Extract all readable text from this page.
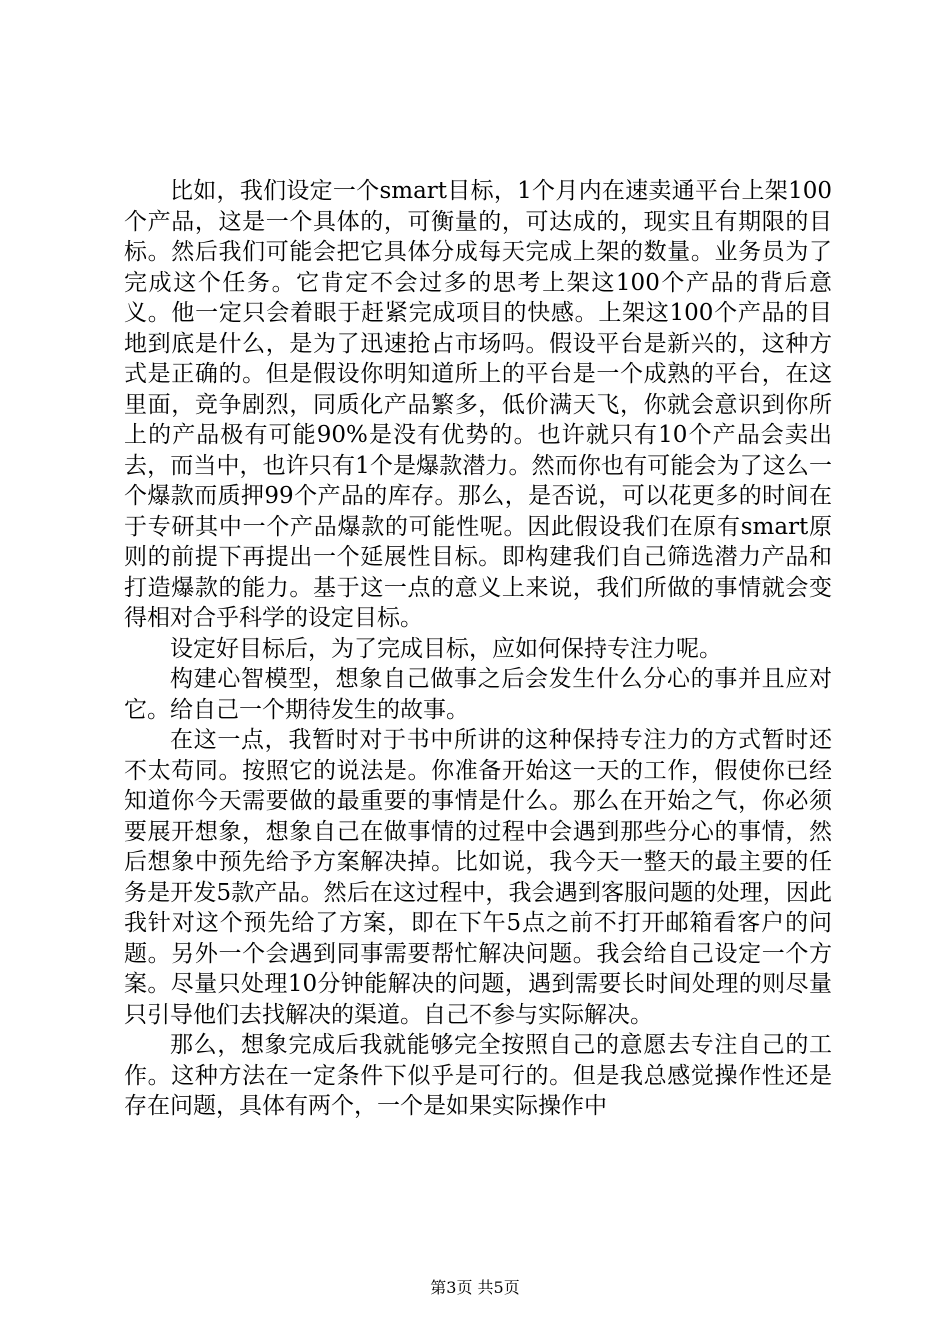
比如，我们设定一个smart目标，1个月内在速卖通平台上架100个产品，这是一个具体的，可衡量的，可达成的，现实且有期限的目标。然后我们可能会把它具体分成每天完成上架的数量。业务员为了完成这个任务。它肯定不会过多的思考上架这100个产品的背后意义。他一定只会着眼于赶紧完成项目的快感。上架这100个产品的目地到底是什么，是为了迅速抢占市场吗。假设平台是新兴的，这种方式是正确的。但是假设你明知道所上的平台是一个成熟的平台，在这里面，竞争剧烈，同质化产品繁多，低价满天飞，你就会意识到你所上的产品极有可能90%是没有优势的。也许就只有10个产品会卖出去，而当中，也许只有1个是爆款潜力。然而你也有可能会为了这么一个爆款而质押99个产品的库存。那么，是否说，可以花更多的时间在于专研其中一个产品爆款的可能性呢。因此假设我们在原有smart原则的前提下再提出一个延展性目标。即构建我们自己筛选潜力产品和打造爆款的能力。基于这一点的意义上来说，我们所做的事情就会变得相对合乎科学的设定目标。

设定好目标后，为了完成目标，应如何保持专注力呢。

构建心智模型，想象自己做事之后会发生什么分心的事并且应对它。给自己一个期待发生的故事。

在这一点，我暂时对于书中所讲的这种保持专注力的方式暂时还不太苟同。按照它的说法是。你准备开始这一天的工作，假使你已经知道你今天需要做的最重要的事情是什么。那么在开始之气，你必须要展开想象，想象自己在做事情的过程中会遇到那些分心的事情，然后想象中预先给予方案解决掉。比如说，我今天一整天的最主要的任务是开发5款产品。然后在这过程中，我会遇到客服问题的处理，因此我针对这个预先给了方案，即在下午5点之前不打开邮箱看客户的问题。另外一个会遇到同事需要帮忙解决问题。我会给自己设定一个方案。尽量只处理10分钟能解决的问题，遇到需要长时间处理的则尽量只引导他们去找解决的渠道。自己不参与实际解决。

那么，想象完成后我就能够完全按照自己的意愿去专注自己的工作。这种方法在一定条件下似乎是可行的。但是我总感觉操作性还是存在问题，具体有两个，一个是如果实际操作中

第3页 共5页
